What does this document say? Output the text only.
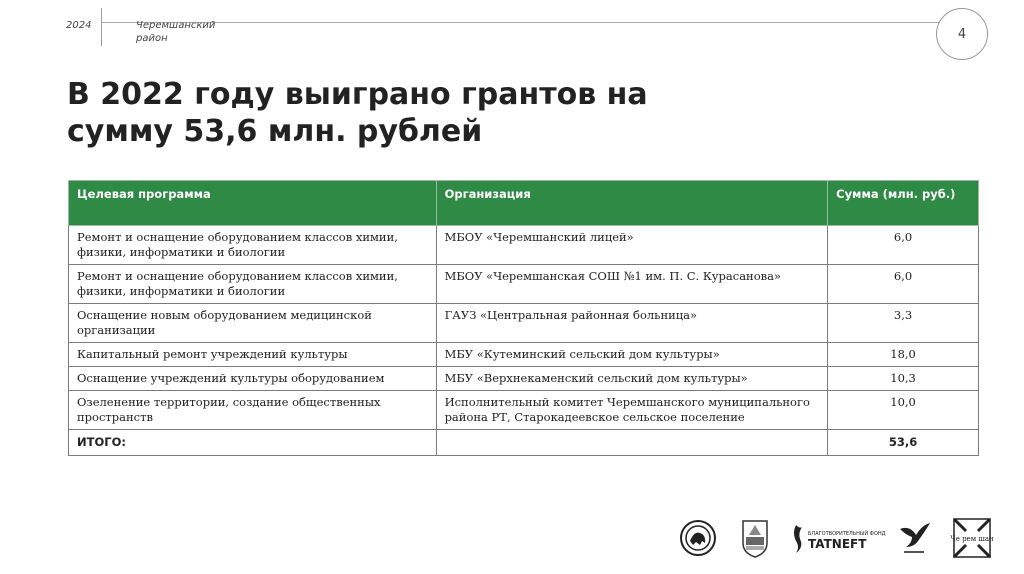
2024	Черемшанский район	4
В 2022 году выиграно грантов на
сумму 53,6 млн. рублей
Целевая программа	Организация	Сумма (млн. руб.)
Ремонт и оснащение оборудованием классов химии, физики, информатики и биологии	МБОУ «Черемшанский лицей»	6,0
Ремонт и оснащение оборудованием классов химии, физики, информатики и биологии	МБОУ «Черемшанская СОШ №1 им. П. С. Курасанова»	6,0
Оснащение новым оборудованием медицинской организации	ГАУЗ «Центральная районная больница»	3,3
Капитальный ремонт учреждений культуры	МБУ «Кутеминский сельский дом культуры»	18,0
Оснащение учреждений культуры оборудованием	МБУ «Верхнекаменский сельский дом культуры»	10,3
Озеленение территории, создание общественных пространств	Исполнительный комитет Черемшанского муниципального района РТ, Старокадеевское сельское поселение	10,0
ИТОГО:		53,6
БЛАГОТВОРИТЕЛЬНЫЙ ФОНД
TATNEFT	Че рем шан
